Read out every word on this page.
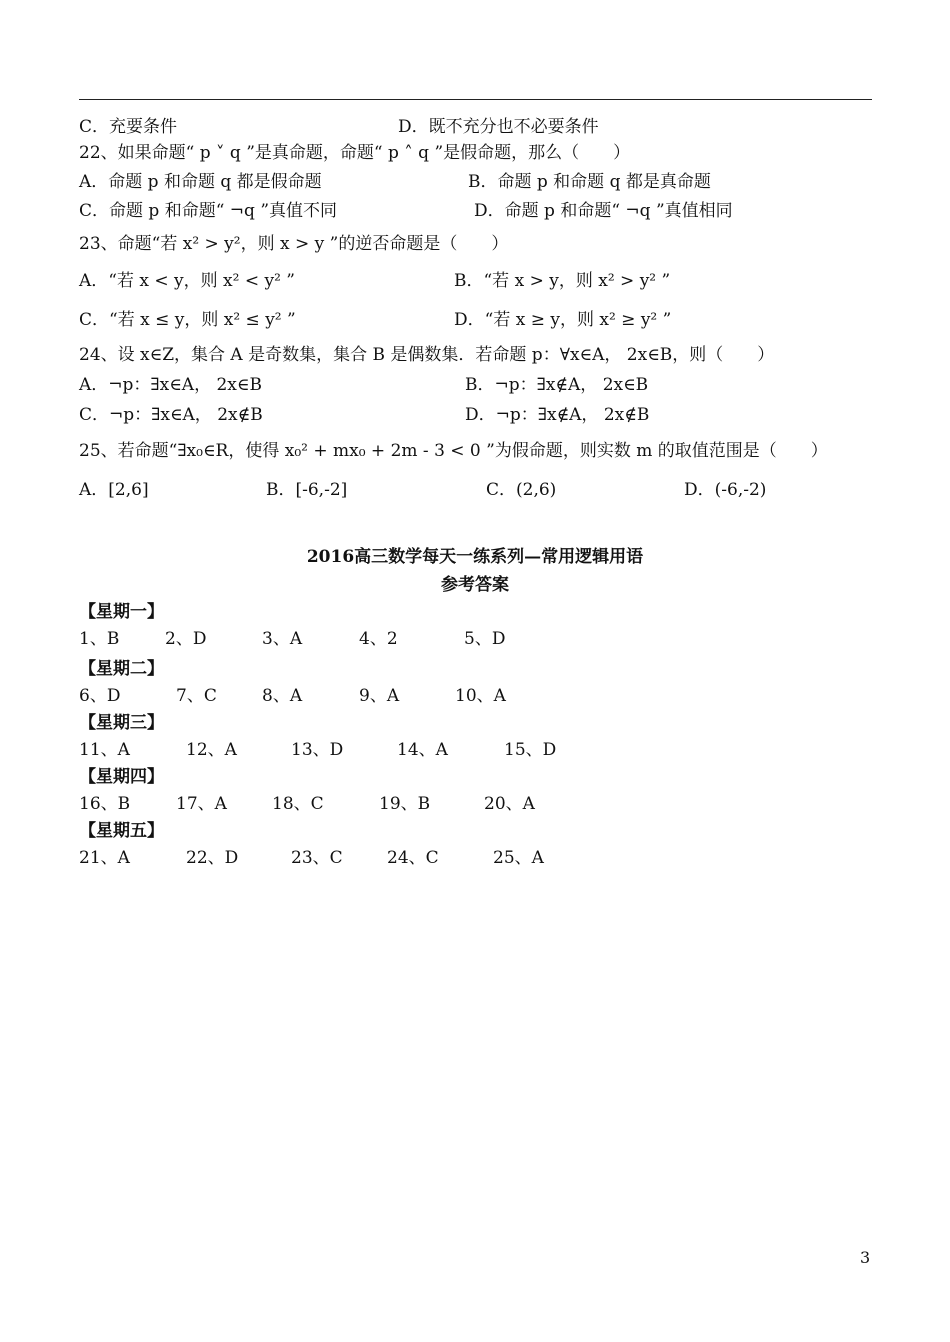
C．充要条件	D．既不充分也不必要条件
22、如果命题“ p ˅ q ”是真命题，命题“ p ˄ q ”是假命题，那么（　　）
A．命题 p 和命题 q 都是假命题	B．命题 p 和命题 q 都是真命题
C．命题 p 和命题“ ¬q ”真值不同	D．命题 p 和命题“ ¬q ”真值相同
23、命题“若 x² > y²，则 x > y ”的逆否命题是（　　）
A．“若 x < y，则 x² < y² ”	B．“若 x > y，则 x² > y² ”
C．“若 x ≤ y，则 x² ≤ y² ”	D．“若 x ≥ y，则 x² ≥ y² ”
24、设 x∈Z，集合 A 是奇数集，集合 B 是偶数集．若命题 p：∀x∈A， 2x∈B，则（　　）
A．¬p：∃x∈A， 2x∈B	B．¬p：∃x∉A， 2x∈B
C．¬p：∃x∈A， 2x∉B	D．¬p：∃x∉A， 2x∉B
25、若命题“∃x₀∈R，使得 x₀² + mx₀ + 2m - 3 < 0 ”为假命题，则实数 m 的取值范围是（　　）
A．[2,6]	B．[-6,-2]	C．(2,6)	D．(-6,-2)
2016高三数学每天一练系列—常用逻辑用语
参考答案
【星期一】
1、B	2、D	3、A	4、2	5、D
【星期二】
6、D	7、C	8、A	9、A	10、A
【星期三】
11、A	12、A	13、D	14、A	15、D
【星期四】
16、B	17、A	18、C	19、B	20、A
【星期五】
21、A	22、D	23、C	24、C	25、A
3
